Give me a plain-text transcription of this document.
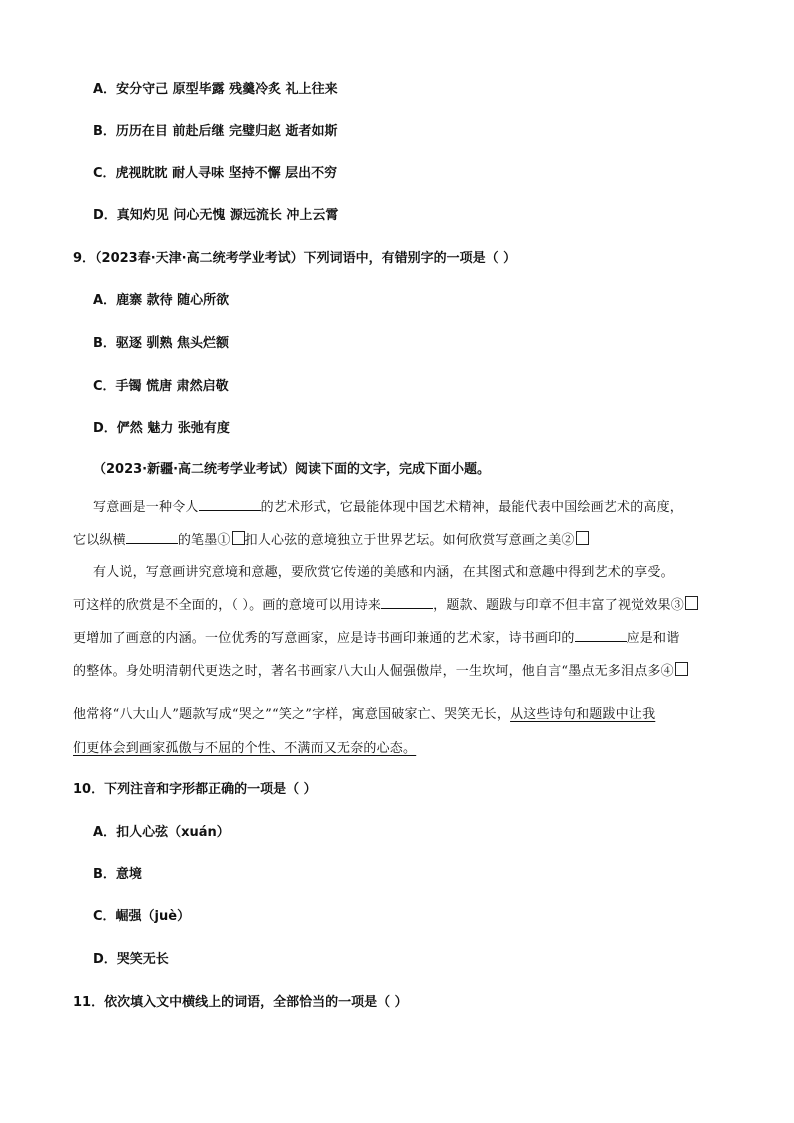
A．安分守己 原型毕露 残羹冷炙 礼上往来
B．历历在目 前赴后继 完璧归赵 逝者如斯
C．虎视眈眈 耐人寻味 坚持不懈 层出不穷
D．真知灼见 问心无愧 源远流长 冲上云霄
9．（2023春·天津·高二统考学业考试）下列词语中，有错别字的一项是（ ）
A．鹿寨 款待 随心所欲
B．驱逐 驯熟 焦头烂额
C．手镯 慌唐 肃然启敬
D．俨然 魅力 张弛有度
（2023·新疆·高二统考学业考试）阅读下面的文字，完成下面小题。
写意画是一种令人	的艺术形式，它最能体现中国艺术精神，最能代表中国绘画艺术的高度，
它以纵横	的笔墨① 扣人心弦的意境独立于世界艺坛。如何欣赏写意画之美②
有人说，写意画讲究意境和意趣，要欣赏它传递的美感和内涵，在其图式和意趣中得到艺术的享受。
可这样的欣赏是不全面的，（ ）。画的意境可以用诗来	，题款、题跋与印章不但丰富了视觉效果③
更增加了画意的内涵。一位优秀的写意画家，应是诗书画印兼通的艺术家，诗书画印的	应是和谐
的整体。身处明清朝代更迭之时，著名书画家八大山人倔强傲岸，一生坎坷，他自言“墨点无多泪点多④
他常将“八大山人”题款写成“哭之”“笑之”字样，寓意国破家亡、哭笑无长，从这些诗句和题跋中让我
们更体会到画家孤傲与不屈的个性、不满而又无奈的心态。
10．下列注音和字形都正确的一项是（ ）
A．扣人心弦（xuán）
B．意境
C．崛强（juè）
D．哭笑无长
11．依次填入文中横线上的词语，全部恰当的一项是（ ）
